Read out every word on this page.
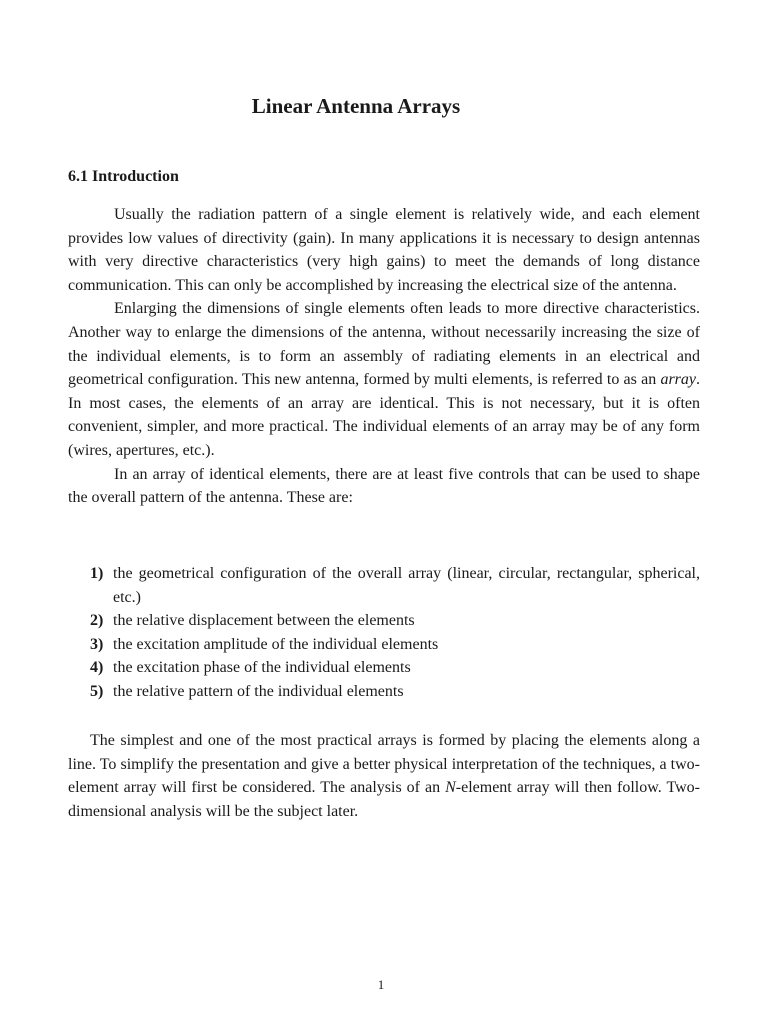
Linear Antenna Arrays
6.1 Introduction

Usually the radiation pattern of a single element is relatively wide, and each element provides low values of directivity (gain). In many applications it is necessary to design antennas with very directive characteristics (very high gains) to meet the demands of long distance communication. This can only be accomplished by increasing the electrical size of the antenna.

Enlarging the dimensions of single elements often leads to more directive characteristics. Another way to enlarge the dimensions of the antenna, without necessarily increasing the size of the individual elements, is to form an assembly of radiating elements in an electrical and geometrical configuration. This new antenna, formed by multi elements, is referred to as an array. In most cases, the elements of an array are identical. This is not necessary, but it is often convenient, simpler, and more practical. The individual elements of an array may be of any form (wires, apertures, etc.).

In an array of identical elements, there are at least five controls that can be used to shape the overall pattern of the antenna. These are:

1) the geometrical configuration of the overall array (linear, circular, rectangular, spherical, etc.)
2) the relative displacement between the elements
3) the excitation amplitude of the individual elements
4) the excitation phase of the individual elements
5) the relative pattern of the individual elements

The simplest and one of the most practical arrays is formed by placing the elements along a line. To simplify the presentation and give a better physical interpretation of the techniques, a two-element array will first be considered. The analysis of an N-element array will then follow. Two-dimensional analysis will be the subject later.

1
